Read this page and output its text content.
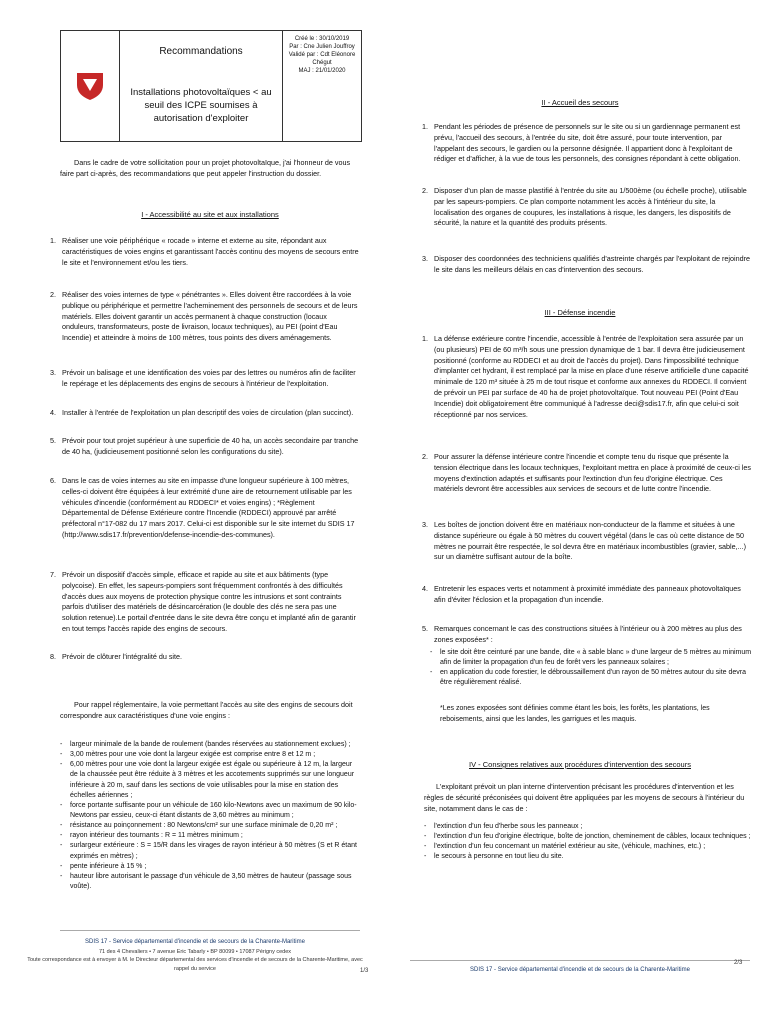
Recommandations
Installations photovoltaïques < au seuil des ICPE soumises à autorisation d'exploiter
Créé le : 30/10/2019
Par : Cne Julien Jouffroy
Validé par : Cdt Eléonore
Chégut
MAJ : 21/01/2020
Dans le cadre de votre sollicitation pour un projet photovoltaïque, j'ai l'honneur de vous faire part ci-après, des recommandations que peut appeler l'instruction du dossier.
I - Accessibilité au site et aux installations
1. Réaliser une voie périphérique « rocade » interne et externe au site, répondant aux caractéristiques de voies engins et garantissant l'accès continu des moyens de secours entre le site et l'environnement et/ou les tiers.
2. Réaliser des voies internes de type « pénétrantes ». Elles doivent être raccordées à la voie publique ou périphérique et permettre l'acheminement des personnels de secours et de leurs matériels. Elles doivent garantir un accès permanent à chaque construction (locaux onduleurs, transformateurs, poste de livraison, locaux techniques), au PEI (point d'Eau Incendie) et atteindre à moins de 100 mètres, tous points des divers aménagements.
3. Prévoir un balisage et une identification des voies par des lettres ou numéros afin de faciliter le repérage et les déplacements des engins de secours à l'intérieur de l'exploitation.
4. Installer à l'entrée de l'exploitation un plan descriptif des voies de circulation (plan succinct).
5. Prévoir pour tout projet supérieur à une superficie de 40 ha, un accès secondaire par tranche de 40 ha, (judicieusement positionné selon les configurations du site).
6. Dans le cas de voies internes au site en impasse d'une longueur supérieure à 100 mètres, celles-ci doivent être équipées à leur extrémité d'une aire de retournement utilisable par les véhicules d'incendie (conformément au RDDECI* et voies engins) ; *Règlement Départemental de Défense Extérieure contre l'Incendie (RDDECI) approuvé par arrêté préfectoral n°17-082 du 17 mars 2017. Celui-ci est disponible sur le site internet du SDIS 17 (http://www.sdis17.fr/prevention/defense-incendie-des-communes).
7. Prévoir un dispositif d'accès simple, efficace et rapide au site et aux bâtiments (type polycoise). En effet, les sapeurs-pompiers sont fréquemment confrontés à des difficultés d'accès dues aux moyens de protection physique contre les intrusions et sont contraints parfois d'utiliser des matériels de désincarcération (le double des clés ne sera pas une solution retenue).Le portail d'entrée dans le site devra être conçu et implanté afin de garantir en tout temps l'accès rapide des engins de secours.
8. Prévoir de clôturer l'intégralité du site.
Pour rappel réglementaire, la voie permettant l'accès au site des engins de secours doit correspondre aux caractéristiques d'une voie engins :
- largeur minimale de la bande de roulement (bandes réservées au stationnement exclues) ;
- 3,00 mètres pour une voie dont la largeur exigée est comprise entre 8 et 12 m ;
- 6,00 mètres pour une voie dont la largeur exigée est égale ou supérieure à 12 m, la largeur de la chaussée peut être réduite à 3 mètres et les accotements supprimés sur une longueur inférieure à 20 m, sauf dans les sections de voie utilisables pour la mise en station des échelles aériennes ;
- force portante suffisante pour un véhicule de 160 kilo-Newtons avec un maximum de 90 kilo-Newtons par essieu, ceux-ci étant distants de 3,60 mètres au minimum ;
- résistance au poinçonnement : 80 Newtons/cm² sur une surface minimale de 0,20 m² ;
- rayon intérieur des tournants : R = 11 mètres minimum ;
- surlargeur extérieure : S = 15/R dans les virages de rayon intérieur à 50 mètres (S et R étant exprimés en mètres) ;
- pente inférieure à 15 % ;
- hauteur libre autorisant le passage d'un véhicule de 3,50 mètres de hauteur (passage sous voûte).
SDIS 17 - Service départemental d'incendie et de secours de la Charente-Maritime
71 des 4 Chevaliers • 7 avenue Eric Tabarly • BP 80099 • 17087 Périgny cedex
Toute correspondance est à envoyer à M. le Directeur départemental des services d'incendie et de secours de la Charente-Maritime, avec rappel du service	1/3
II - Accueil des secours
1. Pendant les périodes de présence de personnels sur le site ou si un gardiennage permanent est prévu, l'accueil des secours, à l'entrée du site, doit être assuré, pour toute intervention, par l'appelant des secours, le gardien ou la personne désignée. Il appartient donc à l'exploitant de rédiger et d'afficher, à la vue de tous les personnels, des consignes répondant à cette obligation.
2. Disposer d'un plan de masse plastifié à l'entrée du site au 1/500ème (ou échelle proche), utilisable par les sapeurs-pompiers. Ce plan comporte notamment les accès à l'intérieur du site, la localisation des organes de coupures, les installations à risque, les dangers, les dispositifs de sécurité, la nature et la quantité des produits présents.
3. Disposer des coordonnées des techniciens qualifiés d'astreinte chargés par l'exploitant de rejoindre le site dans les meilleurs délais en cas d'intervention des secours.
III - Défense incendie
1. La défense extérieure contre l'incendie, accessible à l'entrée de l'exploitation sera assurée par un (ou plusieurs) PEI de 60 m³/h sous une pression dynamique de 1 bar. Il devra être judicieusement positionné (conforme au RDDECI et au droit de l'accès du projet). Dans l'impossibilité technique d'implanter cet hydrant, il est remplacé par la mise en place d'une réserve artificielle d'une capacité minimale de 120 m³ située à 25 m de tout risque et conforme aux annexes du RDDECI. Il convient de prévoir un PEI par surface de 40 ha de projet photovoltaïque. Tout nouveau PEI (Point d'Eau Incendie) doit obligatoirement être communiqué à l'adresse deci@sdis17.fr, afin que celui-ci soit réceptionné par nos services.
2. Pour assurer la défense intérieure contre l'incendie et compte tenu du risque que présente la tension électrique dans les locaux techniques, l'exploitant mettra en place à proximité de ceux-ci les moyens d'extinction adaptés et suffisants pour l'extinction d'un feu d'origine électrique. Ces matériels devront être accessibles aux services de secours et de lutte contre l'incendie.
3. Les boîtes de jonction doivent être en matériaux non-conducteur de la flamme et situées à une distance supérieure ou égale à 50 mètres du couvert végétal (dans le cas où cette distance de 50 mètres ne pourrait être respectée, le sol devra être en matériaux incombustibles (gravier, sable,...) sur un diamètre suffisant autour de la boîte.
4. Entretenir les espaces verts et notamment à proximité immédiate des panneaux photovoltaïques afin d'éviter l'éclosion et la propagation d'un incendie.
5. Remarques concernant le cas des constructions situées à l'intérieur ou à 200 mètres au plus des zones exposées* :
- le site doit être ceinturé par une bande, dite « à sable blanc » d'une largeur de 5 mètres au minimum afin de limiter la propagation d'un feu de forêt vers les panneaux solaires ;
- en application du code forestier, le débroussaillement d'un rayon de 50 mètres autour du site devra être régulièrement réalisé.
*Les zones exposées sont définies comme étant les bois, les forêts, les plantations, les reboisements, ainsi que les landes, les garrigues et les maquis.
IV - Consignes relatives aux procédures d'intervention des secours
L'exploitant prévoit un plan interne d'intervention précisant les procédures d'intervention et les règles de sécurité préconisées qui doivent être appliquées par les moyens de secours à l'intérieur du site, notamment dans le cas de :
- l'extinction d'un feu d'herbe sous les panneaux ;
- l'extinction d'un feu d'origine électrique, boîte de jonction, cheminement de câbles, locaux techniques ;
- l'extinction d'un feu concernant un matériel extérieur au site, (véhicule, machines, etc.) ;
- le secours à personne en tout lieu du site.
SDIS 17 - Service départemental d'incendie et de secours de la Charente-Maritime
2/3
